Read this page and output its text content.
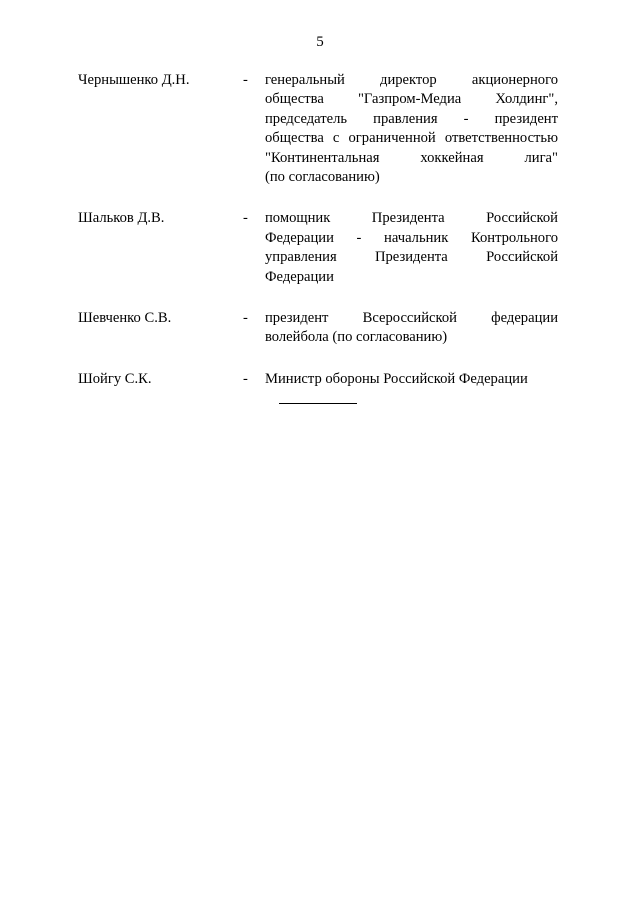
5
Чернышенко Д.Н.	-	генеральный директор акционерного
общества "Газпром-Медиа Холдинг",
председатель правления - президент
общества с ограниченной ответственностью
"Континентальная хоккейная лига"
(по согласованию)
Шальков Д.В.	-	помощник Президента Российской
Федерации - начальник Контрольного
управления Президента Российской
Федерации
Шевченко С.В.	-	президент Всероссийской федерации
волейбола (по согласованию)
Шойгу С.К.	-	Министр обороны Российской Федерации
